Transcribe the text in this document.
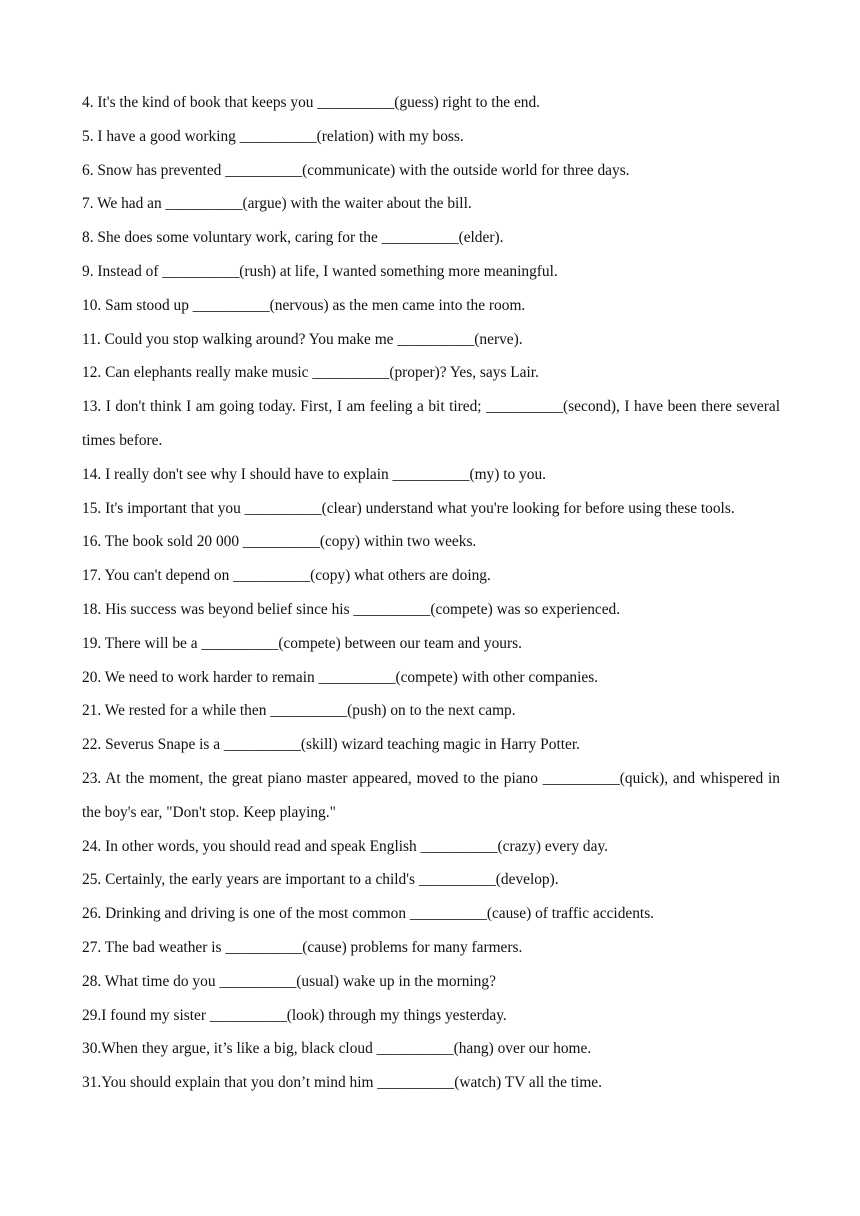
4. It's the kind of book that keeps you __________(guess) right to the end.

5. I have a good working __________(relation) with my boss.

6. Snow has prevented __________(communicate) with the outside world for three days.

7. We had an __________(argue) with the waiter about the bill.

8. She does some voluntary work, caring for the __________(elder).

9. Instead of __________(rush) at life, I wanted something more meaningful.

10. Sam stood up __________(nervous) as the men came into the room.

11. Could you stop walking around? You make me __________(nerve).

12. Can elephants really make music __________(proper)? Yes, says Lair.

13. I don't think I am going today. First, I am feeling a bit tired; __________(second), I have been there several times before.

14. I really don't see why I should have to explain __________(my) to you.

15. It's important that you __________(clear) understand what you're looking for before using these tools.

16. The book sold 20 000 __________(copy) within two weeks.

17. You can't depend on __________(copy) what others are doing.

18. His success was beyond belief since his __________(compete) was so experienced.

19. There will be a __________(compete) between our team and yours.

20. We need to work harder to remain __________(compete) with other companies.

21. We rested for a while then __________(push) on to the next camp.

22. Severus Snape is a __________(skill) wizard teaching magic in Harry Potter.

23. At the moment, the great piano master appeared, moved to the piano __________(quick), and whispered in the boy's ear, "Don't stop. Keep playing."

24. In other words, you should read and speak English __________(crazy) every day.

25. Certainly, the early years are important to a child's __________(develop).

26. Drinking and driving is one of the most common __________(cause) of traffic accidents.

27. The bad weather is __________(cause) problems for many farmers.

28. What time do you __________(usual) wake up in the morning?

29.I found my sister __________(look) through my things yesterday.

30.When they argue, it’s like a big, black cloud __________(hang) over our home.

31.You should explain that you don’t mind him __________(watch) TV all the time.
